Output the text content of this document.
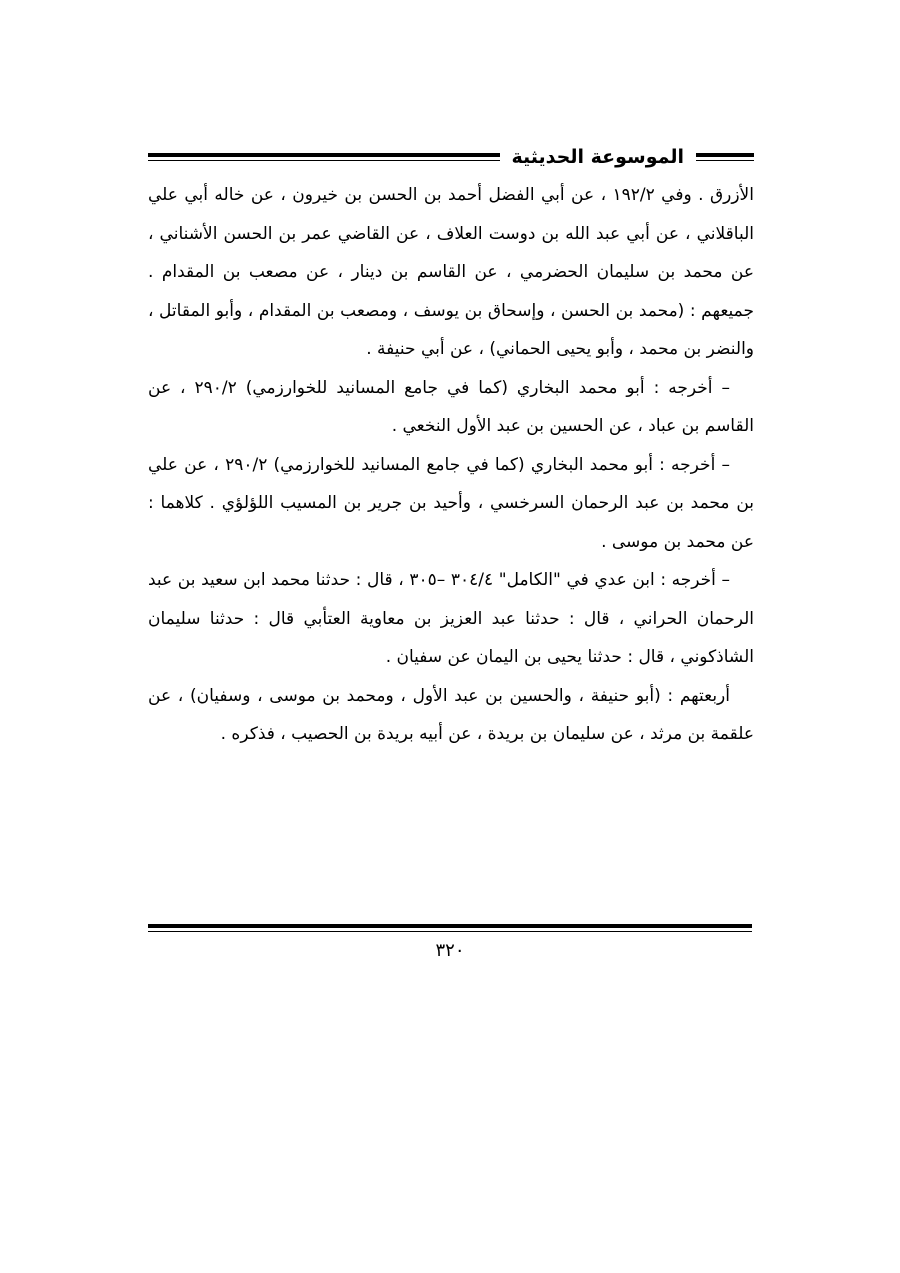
الموسوعة الحديثية

الأزرق . وفي ١٩٢/٢ ، عن أبي الفضل أحمد بن الحسن بن خيرون ، عن خاله أبي علي الباقلاني ، عن أبي عبد الله بن دوست العلاف ، عن القاضي عمر بن الحسن الأشناني ، عن محمد بن سليمان الحضرمي ، عن القاسم بن دينار ، عن مصعب بن المقدام . جميعهم : (محمد بن الحسن ، وإسحاق بن يوسف ، ومصعب بن المقدام ، وأبو المقاتل ، والنضر بن محمد ، وأبو يحيى الحماني) ، عن أبي حنيفة .

– أخرجه : أبو محمد البخاري (كما في جامع المسانيد للخوارزمي) ٢٩٠/٢ ، عن القاسم بن عباد ، عن الحسين بن عبد الأول النخعي .

– أخرجه : أبو محمد البخاري (كما في جامع المسانيد للخوارزمي) ٢٩٠/٢ ، عن علي بن محمد بن عبد الرحمان السرخسي ، وأحيد بن جرير بن المسيب اللؤلؤي . كلاهما : عن محمد بن موسى .

– أخرجه : ابن عدي في "الكامل" ٣٠٤/٤ –٣٠٥ ، قال : حدثنا محمد ابن سعيد بن عبد الرحمان الحراني ، قال : حدثنا عبد العزيز بن معاوية العتأبي قال : حدثنا سليمان الشاذكوني ، قال : حدثنا يحيى بن اليمان عن سفيان .

أربعتهم : (أبو حنيفة ، والحسين بن عبد الأول ، ومحمد بن موسى ، وسفيان) ، عن علقمة بن مرثد ، عن سليمان بن بريدة ، عن أبيه بريدة بن الحصيب ، فذكره .

٣٢٠
